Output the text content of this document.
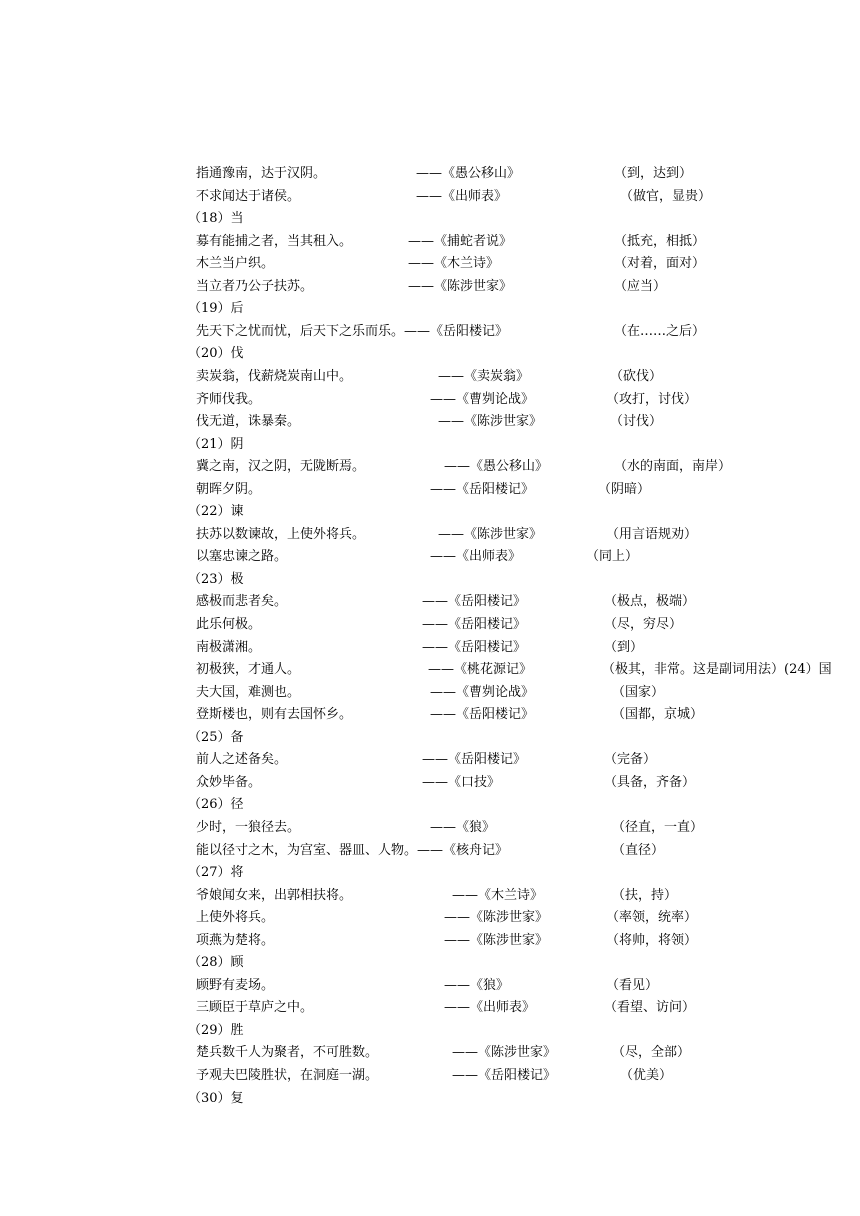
指通豫南，达于汉阴。	——《愚公移山》	（到，达到）
不求闻达于诸侯。	——《出师表》	（做官，显贵）
（18）当
募有能捕之者，当其租入。	——《捕蛇者说》	（抵充，相抵）
木兰当户织。	——《木兰诗》	（对着，面对）
当立者乃公子扶苏。	——《陈涉世家》	（应当）
（19）后
先天下之忧而忧，后天下之乐而乐。 ——《岳阳楼记》	（在……之后）
（20）伐
卖炭翁，伐薪烧炭南山中。	——《卖炭翁》	（砍伐）
齐师伐我。	——《曹刿论战》	（攻打，讨伐）
伐无道，诛暴秦。	——《陈涉世家》	（讨伐）
（21）阴
冀之南，汉之阴，无陇断焉。	——《愚公移山》	（水的南面，南岸）
朝晖夕阴。	——《岳阳楼记》	（阴暗）
（22）谏
扶苏以数谏故，上使外将兵。	——《陈涉世家》	（用言语规劝）
以塞忠谏之路。	——《出师表》	（同上）
（23）极
感极而悲者矣。	——《岳阳楼记》	（极点，极端）
此乐何极。	——《岳阳楼记》	（尽，穷尽）
南极潇湘。	——《岳阳楼记》	（到）
初极狭，才通人。	——《桃花源记》	（极其，非常。这是副词用法）(24）国
夫大国，难测也。	——《曹刿论战》	（国家）
登斯楼也，则有去国怀乡。	——《岳阳楼记》	（国都，京城）
（25）备
前人之述备矣。	——《岳阳楼记》	（完备）
众妙毕备。	——《口技》	（具备，齐备）
（26）径
少时，一狼径去。	——《狼》	（径直，一直）
能以径寸之木，为宫室、器皿、人物。 ——《核舟记》	（直径）
（27）将
爷娘闻女来，出郭相扶将。	——《木兰诗》	（扶，持）
上使外将兵。	——《陈涉世家》	（率领，统率）
项燕为楚将。	——《陈涉世家》	（将帅，将领）
（28）顾
顾野有麦场。	——《狼》	（看见）
三顾臣于草庐之中。	——《出师表》	（看望、访问）
（29）胜
楚兵数千人为聚者，不可胜数。	——《陈涉世家》	（尽，全部）
予观夫巴陵胜状，在洞庭一湖。	——《岳阳楼记》	（优美）
（30）复
